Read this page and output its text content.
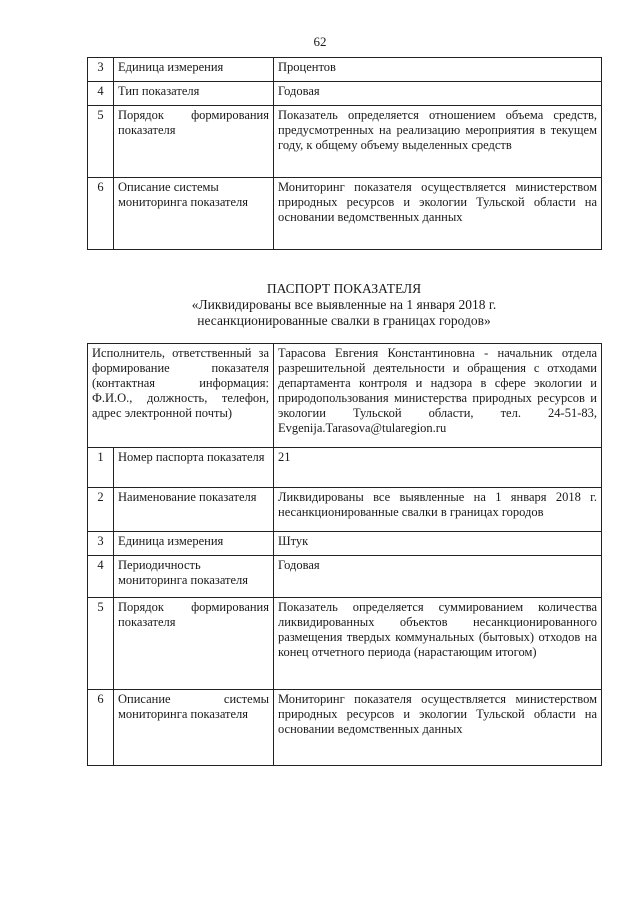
62
3	Единица измерения	Процентов
4	Тип показателя	Годовая
5	Порядок формирования показателя	Показатель определяется отношением объема средств, предусмотренных на реализацию мероприятия в текущем году, к общему объему выделенных средств
6	Описание системы мониторинга показателя	Мониторинг показателя осуществляется министерством природных ресурсов и экологии Тульской области на основании ведомственных данных
ПАСПОРТ ПОКАЗАТЕЛЯ
«Ликвидированы все выявленные на 1 января 2018 г. несанкционированные свалки в границах городов»
Исполнитель, ответственный за формирование показателя (контактная информация: Ф.И.О., должность, телефон, адрес электронной почты)		Тарасова Евгения Константиновна - начальник отдела разрешительной деятельности и обращения с отходами департамента контроля и надзора в сфере экологии и природопользования министерства природных ресурсов и экологии Тульской области, тел. 24-51-83, Evgenija.Tarasova@tularegion.ru
1	Номер паспорта показателя	21
2	Наименование показателя	Ликвидированы все выявленные на 1 января 2018 г. несанкционированные свалки в границах городов
3	Единица измерения	Штук
4	Периодичность мониторинга показателя	Годовая
5	Порядок формирования показателя	Показатель определяется суммированием количества ликвидированных объектов несанкционированного размещения твердых коммунальных (бытовых) отходов на конец отчетного периода (нарастающим итогом)
6	Описание системы мониторинга показателя	Мониторинг показателя осуществляется министерством природных ресурсов и экологии Тульской области на основании ведомственных данных
